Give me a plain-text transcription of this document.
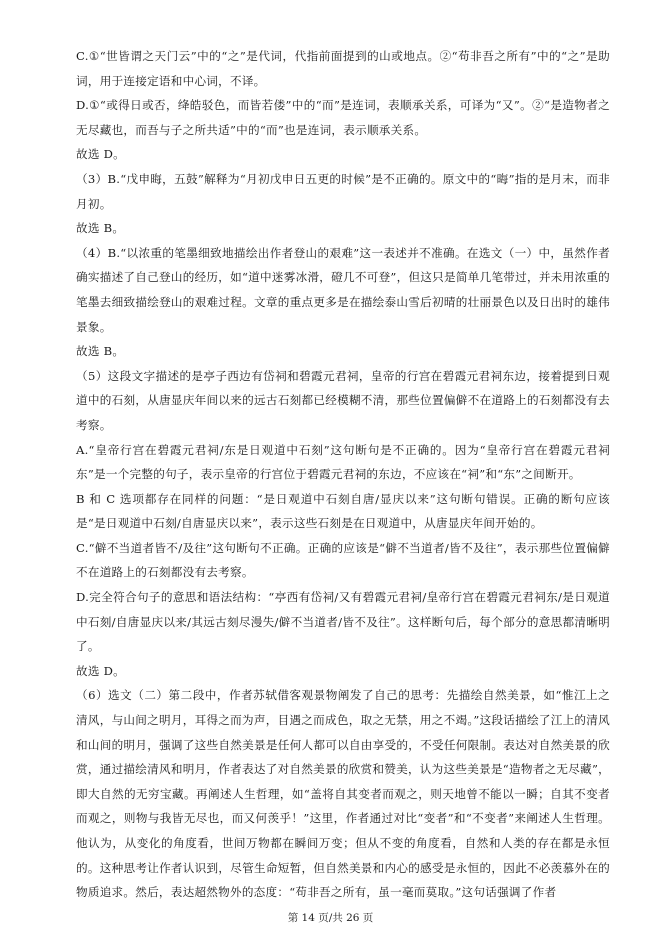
C.①“世皆谓之天门云”中的“之”是代词，代指前面提到的山或地点。②“苟非吾之所有”中的“之”是助词，用于连接定语和中心词，不译。

D.①“或得日或否，绛皓驳色，而皆若偻”中的“而”是连词，表顺承关系，可译为“又”。②“是造物者之无尽藏也，而吾与子之所共适”中的“而”也是连词，表示顺承关系。

故选 D。

（3）B.“戊申晦，五鼓”解释为“月初戊申日五更的时候”是不正确的。原文中的“晦”指的是月末，而非月初。

故选 B。

（4）B.“以浓重的笔墨细致地描绘出作者登山的艰难”这一表述并不准确。在选文（一）中，虽然作者确实描述了自己登山的经历，如“道中迷雾冰滑，磴几不可登”，但这只是简单几笔带过，并未用浓重的笔墨去细致描绘登山的艰难过程。文章的重点更多是在描绘泰山雪后初晴的壮丽景色以及日出时的雄伟景象。

故选 B。

（5）这段文字描述的是亭子西边有岱祠和碧霞元君祠，皇帝的行宫在碧霞元君祠东边，接着提到日观道中的石刻，从唐显庆年间以来的远古石刻都已经模糊不清，那些位置偏僻不在道路上的石刻都没有去考察。

A.“皇帝行宫在碧霞元君祠/东是日观道中石刻”这句断句是不正确的。因为“皇帝行宫在碧霞元君祠东”是一个完整的句子，表示皇帝的行宫位于碧霞元君祠的东边，不应该在“祠”和“东”之间断开。

B 和 C 选项都存在同样的问题：“是日观道中石刻自唐/显庆以来”这句断句错误。正确的断句应该是“是日观道中石刻/自唐显庆以来”，表示这些石刻是在日观道中，从唐显庆年间开始的。

C.“僻不当道者皆不/及往”这句断句不正确。正确的应该是“僻不当道者/皆不及往”，表示那些位置偏僻不在道路上的石刻都没有去考察。

D.完全符合句子的意思和语法结构：“亭西有岱祠/又有碧霞元君祠/皇帝行宫在碧霞元君祠东/是日观道中石刻/自唐显庆以来/其远古刻尽漫失/僻不当道者/皆不及往”。这样断句后，每个部分的意思都清晰明了。

故选 D。

（6）选文（二）第二段中，作者苏轼借客观景物阐发了自己的思考：先描绘自然美景，如“惟江上之清风，与山间之明月，耳得之而为声，目遇之而成色，取之无禁，用之不竭。”这段话描绘了江上的清风和山间的明月，强调了这些自然美景是任何人都可以自由享受的，不受任何限制。表达对自然美景的欣赏，通过描绘清风和明月，作者表达了对自然美景的欣赏和赞美，认为这些美景是“造物者之无尽藏”，即大自然的无穷宝藏。再阐述人生哲理，如“盖将自其变者而观之，则天地曾不能以一瞬；自其不变者而观之，则物与我皆无尽也，而又何羡乎！”这里，作者通过对比“变者”和“不变者”来阐述人生哲理。他认为，从变化的角度看，世间万物都在瞬间万变；但从不变的角度看，自然和人类的存在都是永恒的。这种思考让作者认识到，尽管生命短暂，但自然美景和内心的感受是永恒的，因此不必羡慕外在的物质追求。然后，表达超然物外的态度：“苟非吾之所有，虽一毫而莫取。”这句话强调了作者

第 14 页/共 26 页
